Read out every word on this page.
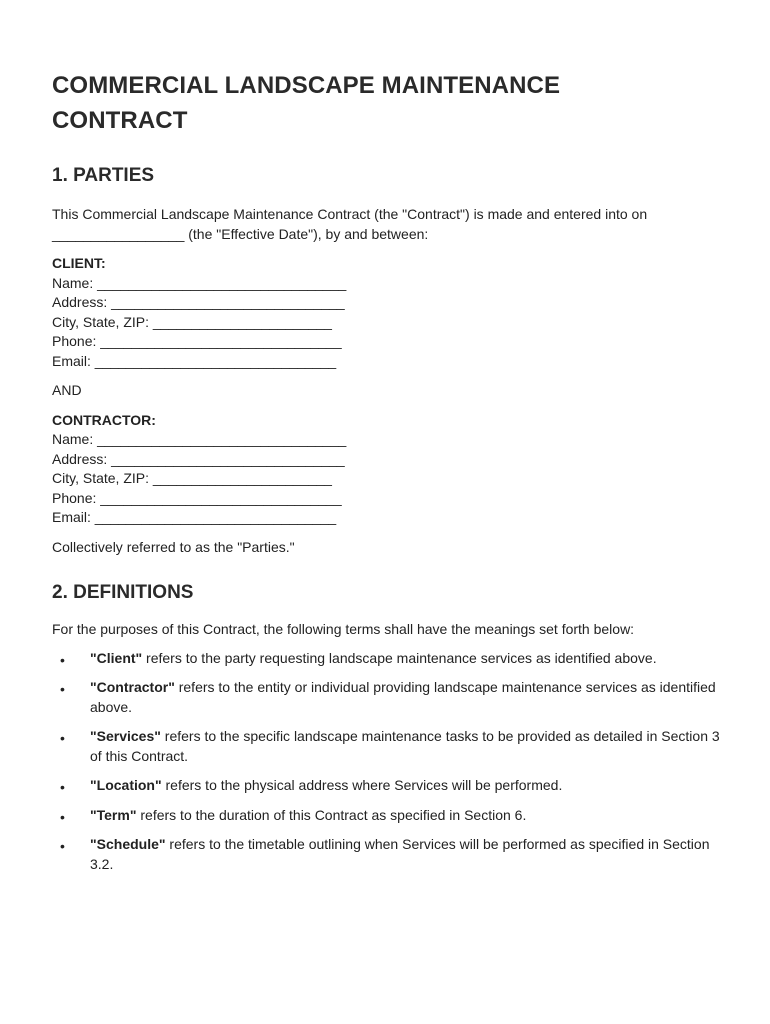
COMMERCIAL LANDSCAPE MAINTENANCE
CONTRACT
1. PARTIES

This Commercial Landscape Maintenance Contract (the "Contract") is made and entered into on
_________________ (the "Effective Date"), by and between:

CLIENT:
Name: ________________________________
Address: ______________________________
City, State, ZIP: _______________________
Phone: _______________________________
Email: _______________________________
AND
CONTRACTOR:
Name: ________________________________
Address: ______________________________
City, State, ZIP: _______________________
Phone: _______________________________
Email: _______________________________

Collectively referred to as the "Parties."

2. DEFINITIONS

For the purposes of this Contract, the following terms shall have the meanings set forth below:

• "Client" refers to the party requesting landscape maintenance services as identified above.
• "Contractor" refers to the entity or individual providing landscape maintenance services as identified above.
• "Services" refers to the specific landscape maintenance tasks to be provided as detailed in Section 3 of this Contract.
• "Location" refers to the physical address where Services will be performed.
• "Term" refers to the duration of this Contract as specified in Section 6.
• "Schedule" refers to the timetable outlining when Services will be performed as specified in Section 3.2.
